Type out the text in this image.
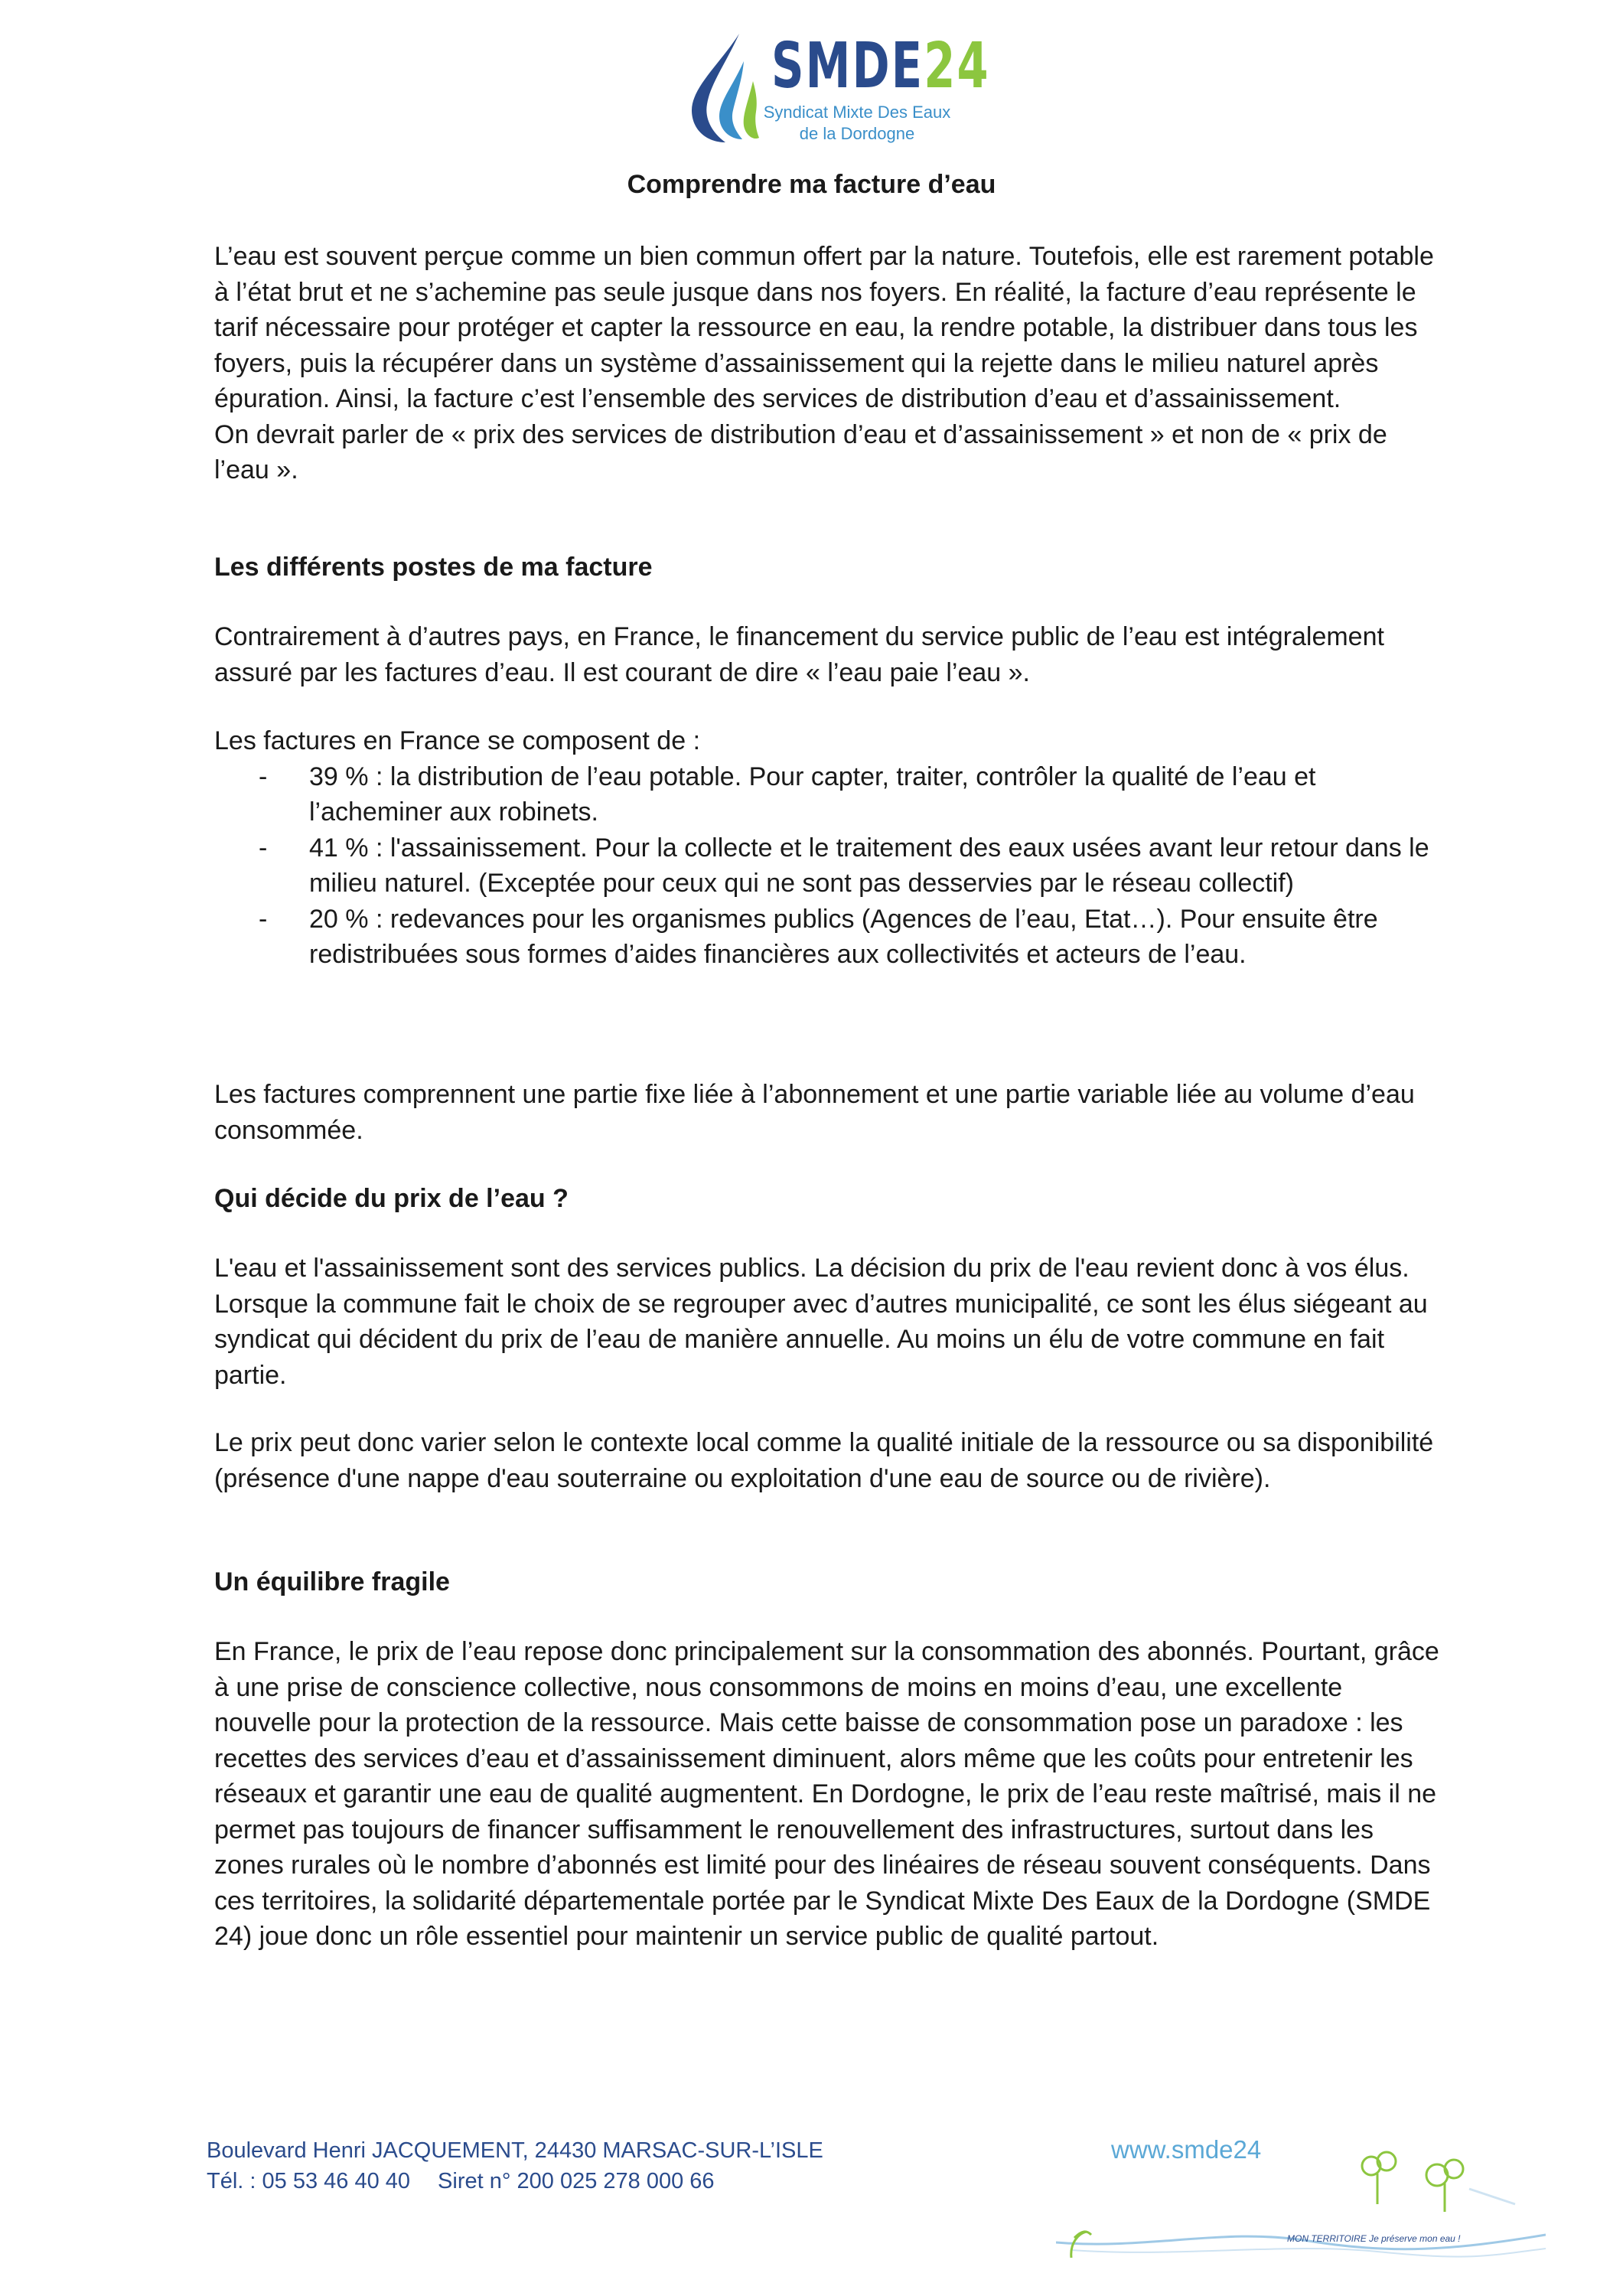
SMDE24
Syndicat Mixte Des Eaux
de la Dordogne
Comprendre ma facture d’eau

L’eau est souvent perçue comme un bien commun offert par la nature. Toutefois, elle est rarement potable à l’état brut et ne s’achemine pas seule jusque dans nos foyers. En réalité, la facture d’eau représente le tarif nécessaire pour protéger et capter la ressource en eau, la rendre potable, la distribuer dans tous les foyers, puis la récupérer dans un système d’assainissement qui la rejette dans le milieu naturel après épuration. Ainsi, la facture c’est l’ensemble des services de distribution d’eau et d’assainissement.

On devrait parler de « prix des services de distribution d’eau et d’assainissement » et non de « prix de l’eau ».

Les différents postes de ma facture

Contrairement à d’autres pays, en France, le financement du service public de l’eau est intégralement assuré par les factures d’eau. Il est courant de dire « l’eau paie l’eau ».

Les factures en France se composent de :

- 39 % : la distribution de l’eau potable. Pour capter, traiter, contrôler la qualité de l’eau et l’acheminer aux robinets.
- 41 % : l'assainissement. Pour la collecte et le traitement des eaux usées avant leur retour dans le milieu naturel. (Exceptée pour ceux qui ne sont pas desservies par le réseau collectif)
- 20 % : redevances pour les organismes publics (Agences de l’eau, Etat…). Pour ensuite être redistribuées sous formes d’aides financières aux collectivités et acteurs de l’eau.

Les factures comprennent une partie fixe liée à l’abonnement et une partie variable liée au volume d’eau consommée.

Qui décide du prix de l’eau ?

L'eau et l'assainissement sont des services publics. La décision du prix de l'eau revient donc à vos élus. Lorsque la commune fait le choix de se regrouper avec d’autres municipalité, ce sont les élus siégeant au syndicat qui décident du prix de l’eau de manière annuelle. Au moins un élu de votre commune en fait partie.

Le prix peut donc varier selon le contexte local comme la qualité initiale de la ressource ou sa disponibilité (présence d'une nappe d'eau souterraine ou exploitation d'une eau de source ou de rivière).

Un équilibre fragile

En France, le prix de l’eau repose donc principalement sur la consommation des abonnés. Pourtant, grâce à une prise de conscience collective, nous consommons de moins en moins d’eau, une excellente nouvelle pour la protection de la ressource. Mais cette baisse de consommation pose un paradoxe : les recettes des services d’eau et d’assainissement diminuent, alors même que les coûts pour entretenir les réseaux et garantir une eau de qualité augmentent. En Dordogne, le prix de l’eau reste maîtrisé, mais il ne permet pas toujours de financer suffisamment le renouvellement des infrastructures, surtout dans les zones rurales où le nombre d’abonnés est limité pour des linéaires de réseau souvent conséquents. Dans ces territoires, la solidarité départementale portée par le Syndicat Mixte Des Eaux de la Dordogne (SMDE 24) joue donc un rôle essentiel pour maintenir un service public de qualité partout.

Boulevard Henri JACQUEMENT, 24430 MARSAC-SUR-L’ISLE
Tél. : 05 53 46 40 40 Siret n° 200 025 278 000 66
www.smde24
MON TERRITOIRE Je préserve mon eau !
